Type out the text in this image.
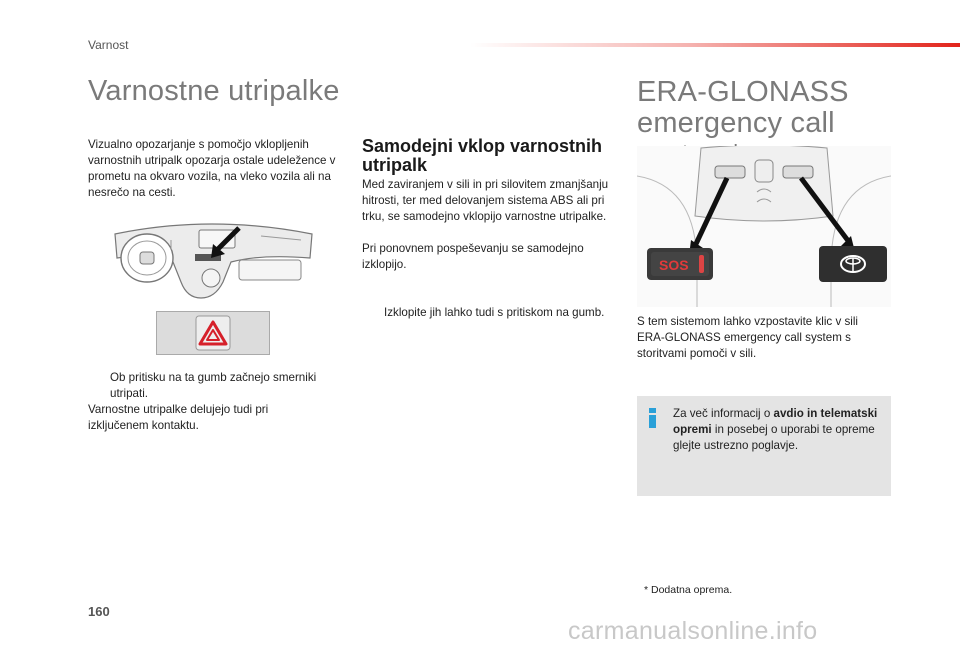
Varnost
Varnostne utripalke
Vizualno opozarjanje s pomočjo vklopljenih varnostnih utripalk opozarja ostale udeležence v prometu na okvaro vozila, na vleko vozila ali na nesrečo na cesti.
Ob pritisku na ta gumb začnejo smerniki utripati.
Varnostne utripalke delujejo tudi pri izključenem kontaktu.
Samodejni vklop varnostnih utripalk
Med zaviranjem v sili in pri silovitem zmanjšanju hitrosti, ter med delovanjem sistema ABS ali pri trku, se samodejno vklopijo varnostne utripalke.
Pri ponovnem pospeševanju se samodejno izklopijo.
Izklopite jih lahko tudi s pritiskom na gumb.
ERA-GLONASS emergency call
SOS
S tem sistemom lahko vzpostavite klic v sili ERA-GLONASS emergency call system s storitvami pomoči v sili.
Za več informacij o avdio in telematski opremi in posebej o uporabi te opreme glejte ustrezno poglavje.
* Dodatna oprema.
160
carmanualsonline.info
